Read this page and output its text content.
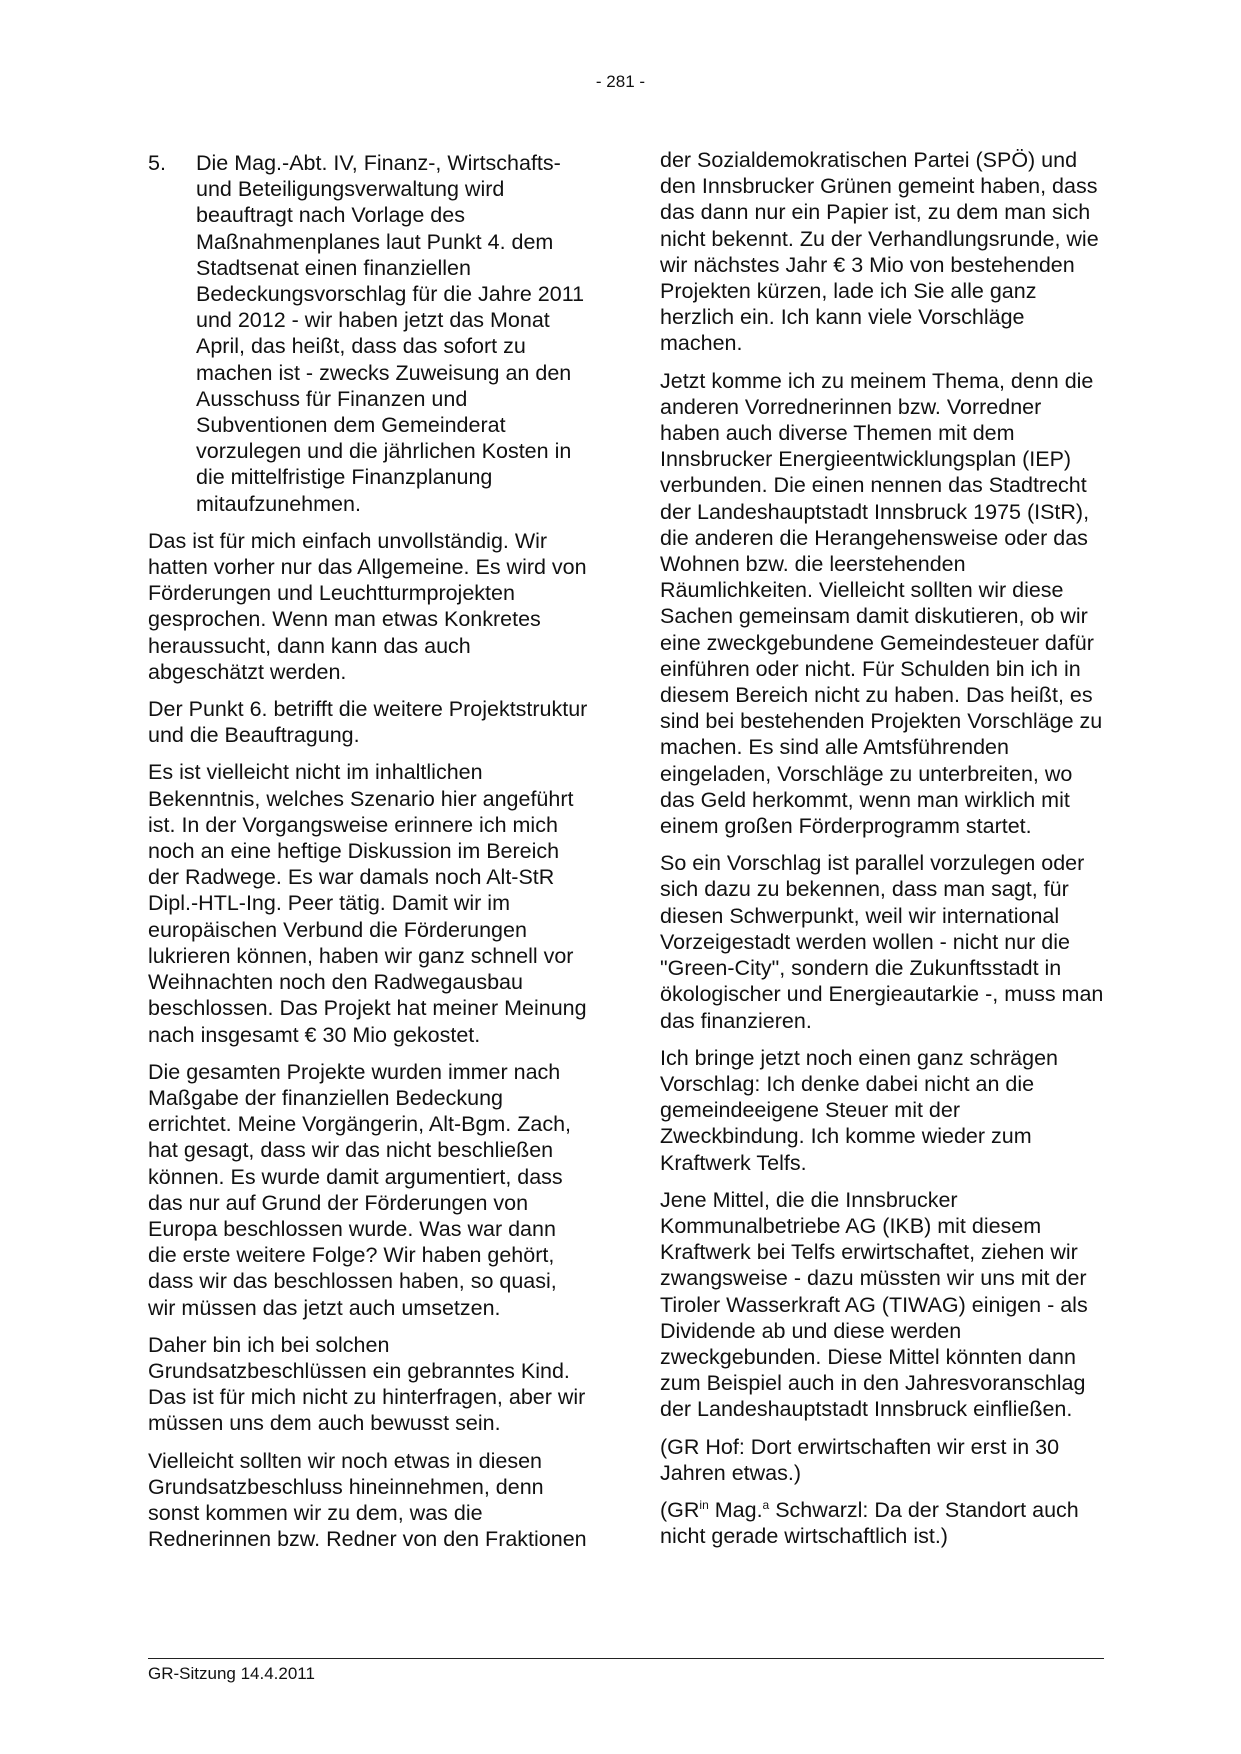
- 281 -
5. Die Mag.-Abt. IV, Finanz-, Wirtschafts- und Beteiligungsverwaltung wird beauftragt nach Vorlage des Maßnahmenplanes laut Punkt 4. dem Stadtsenat einen finanziellen Bedeckungsvorschlag für die Jahre 2011 und 2012 - wir haben jetzt das Monat April, das heißt, dass das sofort zu machen ist - zwecks Zuweisung an den Ausschuss für Finanzen und Subventionen dem Gemeinderat vorzulegen und die jährlichen Kosten in die mittelfristige Finanzplanung mitaufzunehmen.

Das ist für mich einfach unvollständig. Wir hatten vorher nur das Allgemeine. Es wird von Förderungen und Leuchtturmprojekten gesprochen. Wenn man etwas Konkretes heraussucht, dann kann das auch abgeschätzt werden.

Der Punkt 6. betrifft die weitere Projektstruktur und die Beauftragung.

Es ist vielleicht nicht im inhaltlichen Bekenntnis, welches Szenario hier angeführt ist. In der Vorgangsweise erinnere ich mich noch an eine heftige Diskussion im Bereich der Radwege. Es war damals noch Alt-StR Dipl.-HTL-Ing. Peer tätig. Damit wir im europäischen Verbund die Förderungen lukrieren können, haben wir ganz schnell vor Weihnachten noch den Radwegausbau beschlossen. Das Projekt hat meiner Meinung nach insgesamt € 30 Mio gekostet.

Die gesamten Projekte wurden immer nach Maßgabe der finanziellen Bedeckung errichtet. Meine Vorgängerin, Alt-Bgm. Zach, hat gesagt, dass wir das nicht beschließen können. Es wurde damit argumentiert, dass das nur auf Grund der Förderungen von Europa beschlossen wurde. Was war dann die erste weitere Folge? Wir haben gehört, dass wir das beschlossen haben, so quasi, wir müssen das jetzt auch umsetzen.

Daher bin ich bei solchen Grundsatzbeschlüssen ein gebranntes Kind. Das ist für mich nicht zu hinterfragen, aber wir müssen uns dem auch bewusst sein.

Vielleicht sollten wir noch etwas in diesen Grundsatzbeschluss hineinnehmen, denn sonst kommen wir zu dem, was die Rednerinnen bzw. Redner von den Fraktionen

der Sozialdemokratischen Partei (SPÖ) und den Innsbrucker Grünen gemeint haben, dass das dann nur ein Papier ist, zu dem man sich nicht bekennt. Zu der Verhandlungsrunde, wie wir nächstes Jahr € 3 Mio von bestehenden Projekten kürzen, lade ich Sie alle ganz herzlich ein. Ich kann viele Vorschläge machen.

Jetzt komme ich zu meinem Thema, denn die anderen Vorrednerinnen bzw. Vorredner haben auch diverse Themen mit dem Innsbrucker Energieentwicklungsplan (IEP) verbunden. Die einen nennen das Stadtrecht der Landeshauptstadt Innsbruck 1975 (IStR), die anderen die Herangehensweise oder das Wohnen bzw. die leerstehenden Räumlichkeiten. Vielleicht sollten wir diese Sachen gemeinsam damit diskutieren, ob wir eine zweckgebundene Gemeindesteuer dafür einführen oder nicht. Für Schulden bin ich in diesem Bereich nicht zu haben. Das heißt, es sind bei bestehenden Projekten Vorschläge zu machen. Es sind alle Amtsführenden eingeladen, Vorschläge zu unterbreiten, wo das Geld herkommt, wenn man wirklich mit einem großen Förderprogramm startet.

So ein Vorschlag ist parallel vorzulegen oder sich dazu zu bekennen, dass man sagt, für diesen Schwerpunkt, weil wir international Vorzeigestadt werden wollen - nicht nur die "Green-City", sondern die Zukunftsstadt in ökologischer und Energieautarkie -, muss man das finanzieren.

Ich bringe jetzt noch einen ganz schrägen Vorschlag: Ich denke dabei nicht an die gemeindeeigene Steuer mit der Zweckbindung. Ich komme wieder zum Kraftwerk Telfs.

Jene Mittel, die die Innsbrucker Kommunalbetriebe AG (IKB) mit diesem Kraftwerk bei Telfs erwirtschaftet, ziehen wir zwangsweise - dazu müssten wir uns mit der Tiroler Wasserkraft AG (TIWAG) einigen - als Dividende ab und diese werden zweckgebunden. Diese Mittel könnten dann zum Beispiel auch in den Jahresvoranschlag der Landeshauptstadt Innsbruck einfließen.

(GR Hof: Dort erwirtschaften wir erst in 30 Jahren etwas.)

($GR^{in}$ Mag.$^a$ Schwarzl: Da der Standort auch nicht gerade wirtschaftlich ist.)

GR-Sitzung 14.4.2011
